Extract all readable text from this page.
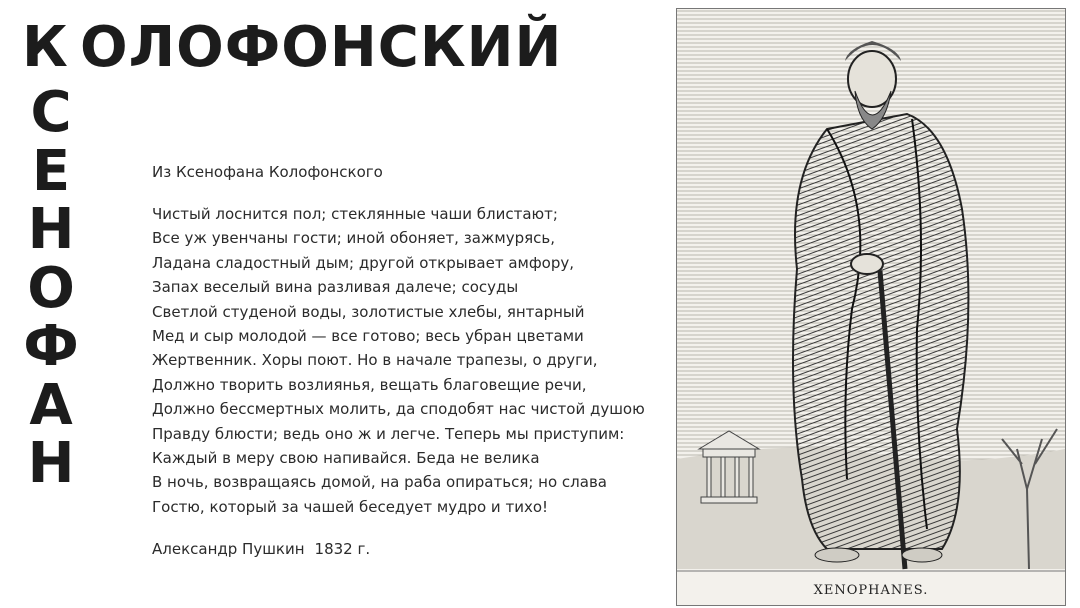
К ОЛОФОНСКИЙ
С
Е
Н
О
Ф
А
Н
Из Ксенофана Колофонского
Чистый лоснится пол; стеклянные чаши блистают;
Все уж увенчаны гости; иной обоняет, зажмурясь,
Ладана сладостный дым; другой открывает амфору,
Запах веселый вина разливая далече; сосуды
Светлой студеной воды, золотистые хлебы, янтарный
Мед и сыр молодой — все готово; весь убран цветами
Жертвенник. Хоры поют. Но в начале трапезы, о други,
Должно творить возлиянья, вещать благовещие речи,
Должно бессмертных молить, да сподобят нас чистой душою
Правду блюсти; ведь оно ж и легче. Теперь мы приступим:
Каждый в меру свою напивайся. Беда не велика
В ночь, возвращаясь домой, на раба опираться; но слава
Гостю, который за чашей беседует мудро и тихо!
Александр Пушкин 1832 г.
XENOPHANES.
